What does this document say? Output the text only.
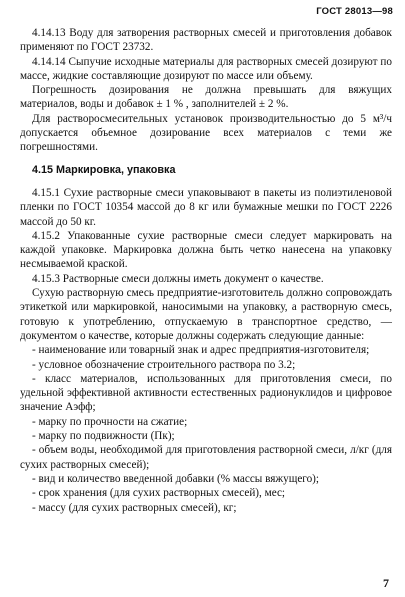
ГОСТ 28013—98

4.14.13 Воду для затворения растворных смесей и приготовления добавок применяют по ГОСТ 23732.

4.14.14 Сыпучие исходные материалы для растворных смесей дозируют по массе, жидкие составляющие дозируют по массе или объему.

Погрешность дозирования не должна превышать для вяжущих материалов, воды и добавок ± 1 % , заполнителей ± 2 %.

Для растворосмесительных установок производительностью до 5 м³/ч допускается объемное дозирование всех материалов с теми же погрешностями.

4.15 Маркировка, упаковка

4.15.1 Сухие растворные смеси упаковывают в пакеты из полиэтиленовой пленки по ГОСТ 10354 массой до 8 кг или бумажные мешки по ГОСТ 2226 массой до 50 кг.

4.15.2 Упакованные сухие растворные смеси следует маркировать на каждой упаковке. Маркировка должна быть четко нанесена на упаковку несмываемой краской.

4.15.3 Растворные смеси должны иметь документ о качестве.

Сухую растворную смесь предприятие-изготовитель должно сопровождать этикеткой или маркировкой, наносимыми на упаковку, а растворную смесь, готовую к употреблению, отпускаемую в транспортное средство, — документом о качестве, которые должны содержать следующие данные:

- наименование или товарный знак и адрес предприятия-изготовителя;

- условное обозначение строительного раствора по 3.2;

- класс материалов, использованных для приготовления смеси, по удельной эффективной активности естественных радионуклидов и цифровое значение Аэфф;

- марку по прочности на сжатие;

- марку по подвижности (Пк);

- объем воды, необходимой для приготовления растворной смеси, л/кг (для сухих растворных смесей);

- вид и количество введенной добавки (% массы вяжущего);

- срок хранения (для сухих растворных смесей), мес;

- массу (для сухих растворных смесей), кг;

7
